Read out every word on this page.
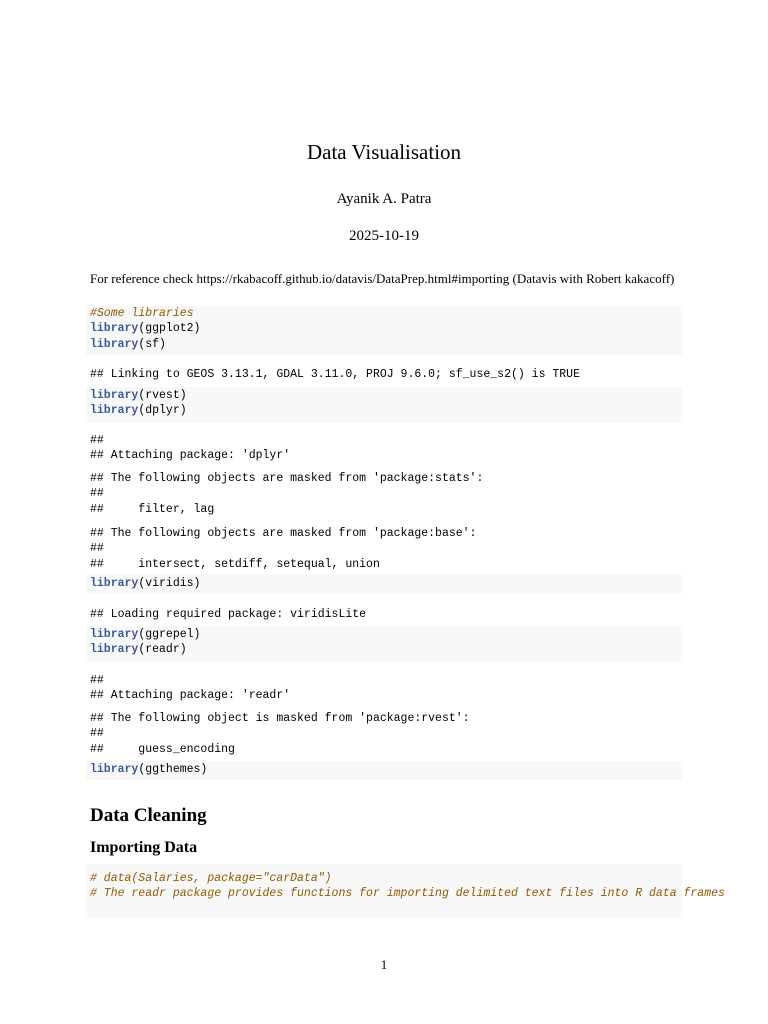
Data Visualisation
Ayanik A. Patra
2025-10-19
For reference check https://rkabacoff.github.io/datavis/DataPrep.html#importing (Datavis with Robert kakacoff)
#Some libraries
library(ggplot2)
library(sf)
## Linking to GEOS 3.13.1, GDAL 3.11.0, PROJ 9.6.0; sf_use_s2() is TRUE
library(rvest)
library(dplyr)
##
## Attaching package: 'dplyr'
## The following objects are masked from 'package:stats':
##
##     filter, lag
## The following objects are masked from 'package:base':
##
##     intersect, setdiff, setequal, union
library(viridis)
## Loading required package: viridisLite
library(ggrepel)
library(readr)
##
## Attaching package: 'readr'
## The following object is masked from 'package:rvest':
##
##     guess_encoding
library(ggthemes)
Data Cleaning
Importing Data
# data(Salaries, package="carData")
# The readr package provides functions for importing delimited text files into R data frames
1
